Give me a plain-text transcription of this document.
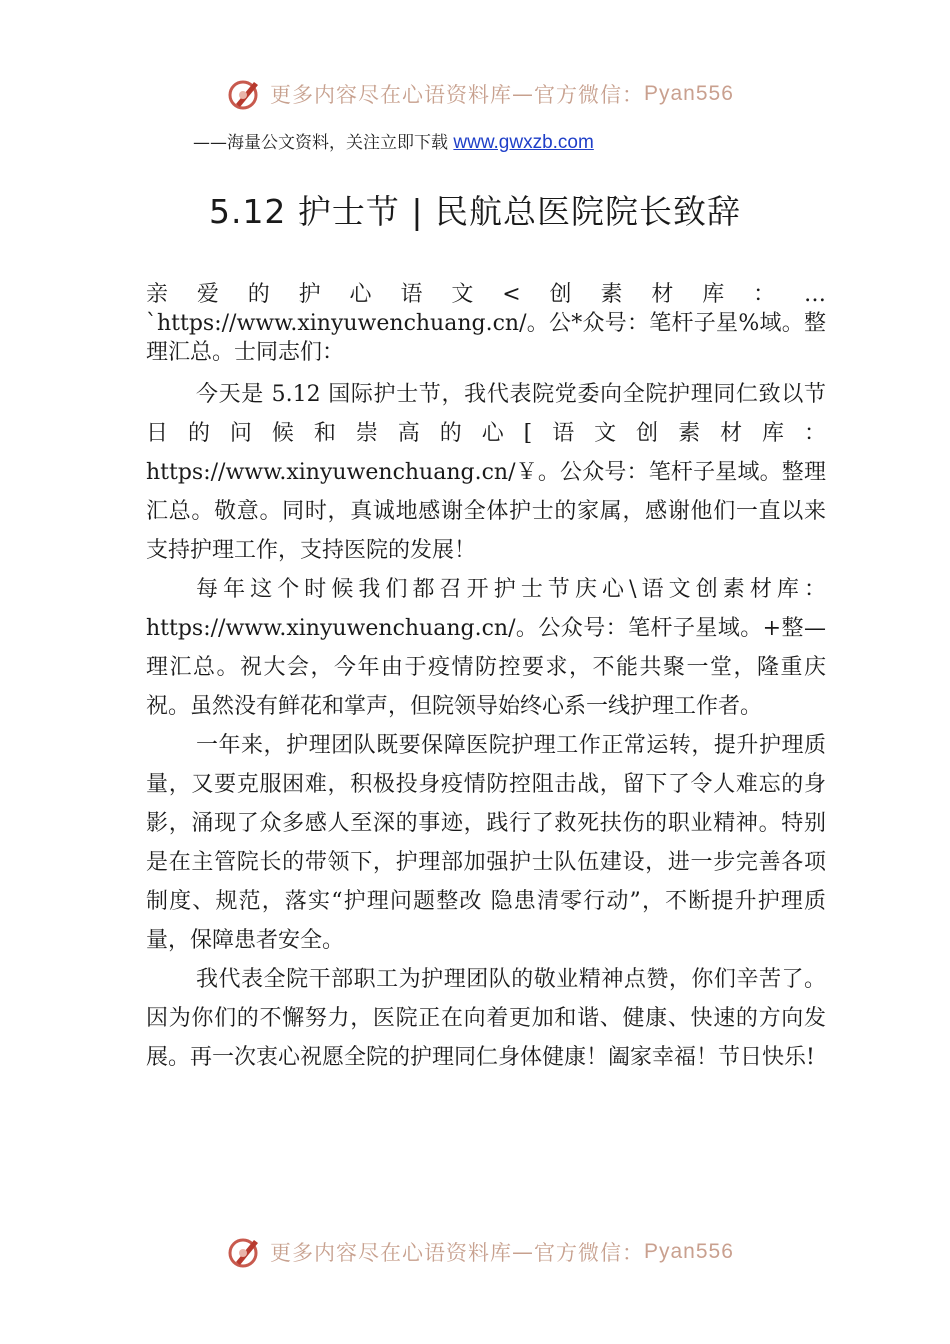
更多内容尽在心语资料库 — 官方微信： Pyan556
——海量公文资料，关注立即下载 www.gwxzb.com
5.12 护士节 | 民航总医院院长致辞

亲爱的护心语文<创素材库：…`https://www.xinyuwenchuang.cn/。公*众号：笔杆子星%域。整理汇总。士同志们：

今天是 5.12 国际护士节，我代表院党委向全院护理同仁致以节日的问候和崇高的心[语文创素材库：https://www.xinyuwenchuang.cn/￥。公众号：笔杆子星域。整理汇总。敬意。同时，真诚地感谢全体护士的家属，感谢他们一直以来支持护理工作，支持医院的发展！

每年这个时候我们都召开护士节庆心\语文创素材库：https://www.xinyuwenchuang.cn/。公众号：笔杆子星域。+整—理汇总。祝大会，今年由于疫情防控要求，不能共聚一堂，隆重庆祝。虽然没有鲜花和掌声，但院领导始终心系一线护理工作者。

一年来，护理团队既要保障医院护理工作正常运转，提升护理质量，又要克服困难，积极投身疫情防控阻击战，留下了令人难忘的身影，涌现了众多感人至深的事迹，践行了救死扶伤的职业精神。特别是在主管院长的带领下，护理部加强护士队伍建设，进一步完善各项制度、规范，落实“护理问题整改 隐患清零行动”，不断提升护理质量，保障患者安全。

我代表全院干部职工为护理团队的敬业精神点赞，你们辛苦了。因为你们的不懈努力，医院正在向着更加和谐、健康、快速的方向发展。再一次衷心祝愿全院的护理同仁身体健康！阖家幸福！节日快乐!

更多内容尽在心语资料库 — 官方微信： Pyan556
